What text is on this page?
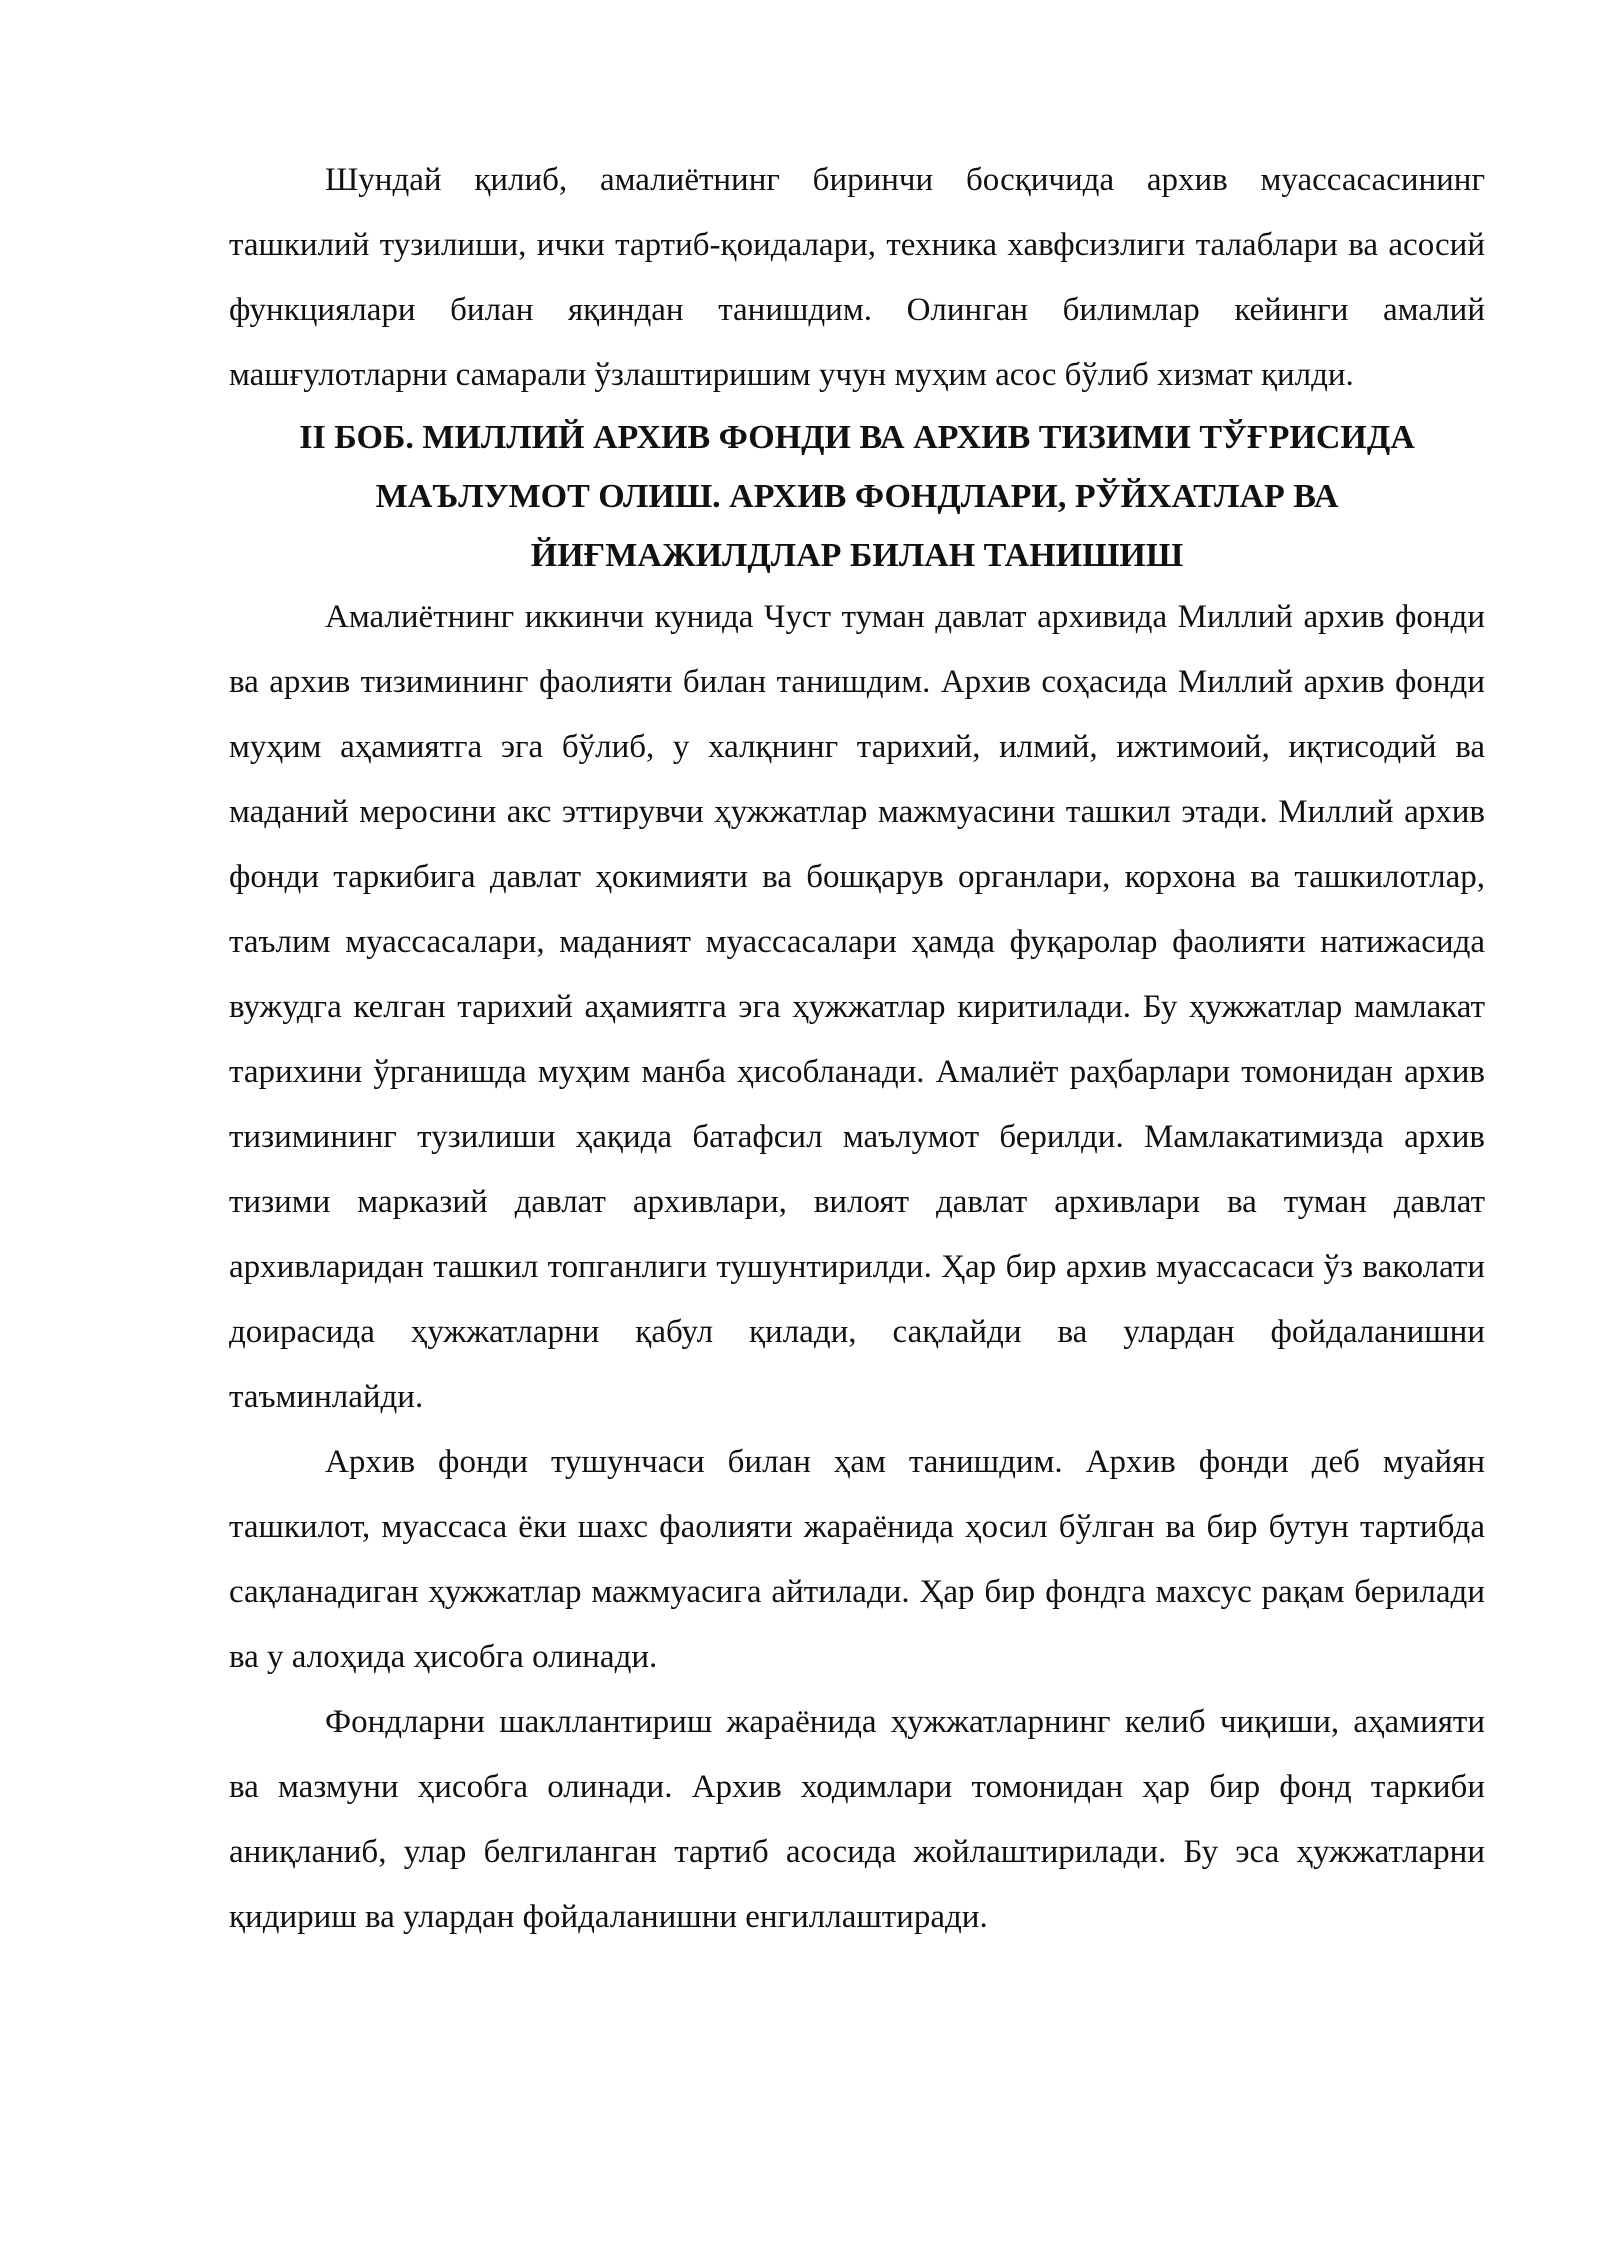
Шундай қилиб, амалиётнинг биринчи босқичида архив муассасасининг ташкилий тузилиши, ички тартиб-қоидалари, техника хавфсизлиги талаблари ва асосий функциялари билан яқиндан танишдим. Олинган билимлар кейинги амалий машғулотларни самарали ўзлаштиришим учун муҳим асос бўлиб хизмат қилди.

II БОБ. МИЛЛИЙ АРХИВ ФОНДИ ВА АРХИВ ТИЗИМИ ТЎҒРИСИДА МАЪЛУМОТ ОЛИШ. АРХИВ ФОНДЛАРИ, РЎЙХАТЛАР ВА ЙИҒМАЖИЛДЛАР БИЛАН ТАНИШИШ

Амалиётнинг иккинчи кунида Чуст туман давлат архивида Миллий архив фонди ва архив тизимининг фаолияти билан танишдим. Архив соҳасида Миллий архив фонди муҳим аҳамиятга эга бўлиб, у халқнинг тарихий, илмий, ижтимоий, иқтисодий ва маданий меросини акс эттирувчи ҳужжатлар мажмуасини ташкил этади. Миллий архив фонди таркибига давлат ҳокимияти ва бошқарув органлари, корхона ва ташкилотлар, таълим муассасалари, маданият муассасалари ҳамда фуқаролар фаолияти натижасида вужудга келган тарихий аҳамиятга эга ҳужжатлар киритилади. Бу ҳужжатлар мамлакат тарихини ўрганишда муҳим манба ҳисобланади. Амалиёт раҳбарлари томонидан архив тизимининг тузилиши ҳақида батафсил маълумот берилди. Мамлакатимизда архив тизими марказий давлат архивлари, вилоят давлат архивлари ва туман давлат архивларидан ташкил топганлиги тушунтирилди. Ҳар бир архив муассасаси ўз ваколати доирасида ҳужжатларни қабул қилади, сақлайди ва улардан фойдаланишни таъминлайди.

Архив фонди тушунчаси билан ҳам танишдим. Архив фонди деб муайян ташкилот, муассаса ёки шахс фаолияти жараёнида ҳосил бўлган ва бир бутун тартибда сақланадиган ҳужжатлар мажмуасига айтилади. Ҳар бир фондга махсус рақам берилади ва у алоҳида ҳисобга олинади.

Фондларни шакллантириш жараёнида ҳужжатларнинг келиб чиқиши, аҳамияти ва мазмуни ҳисобга олинади. Архив ходимлари томонидан ҳар бир фонд таркиби аниқланиб, улар белгиланган тартиб асосида жойлаштирилади. Бу эса ҳужжатларни қидириш ва улардан фойдаланишни енгиллаштиради.
